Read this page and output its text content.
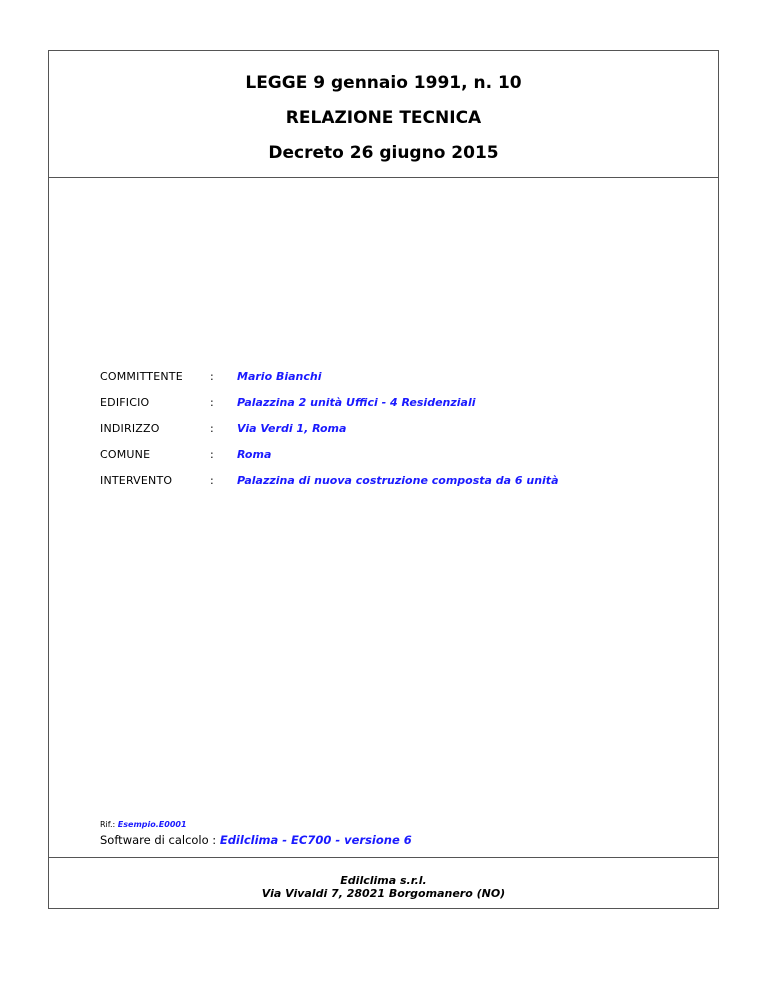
LEGGE 9 gennaio 1991, n. 10
RELAZIONE TECNICA
Decreto 26 giugno 2015
COMMITTENTE : Mario Bianchi
EDIFICIO	: Palazzina 2 unità Uffici - 4 Residenziali
INDIRIZZO	: Via Verdi 1, Roma
COMUNE	: Roma
INTERVENTO	: Palazzina di nuova costruzione composta da 6 unità
Rif.: Esempio.E0001
Software di calcolo : Edilclima - EC700 - versione 6
Edilclima s.r.l.
Via Vivaldi 7, 28021 Borgomanero (NO)
